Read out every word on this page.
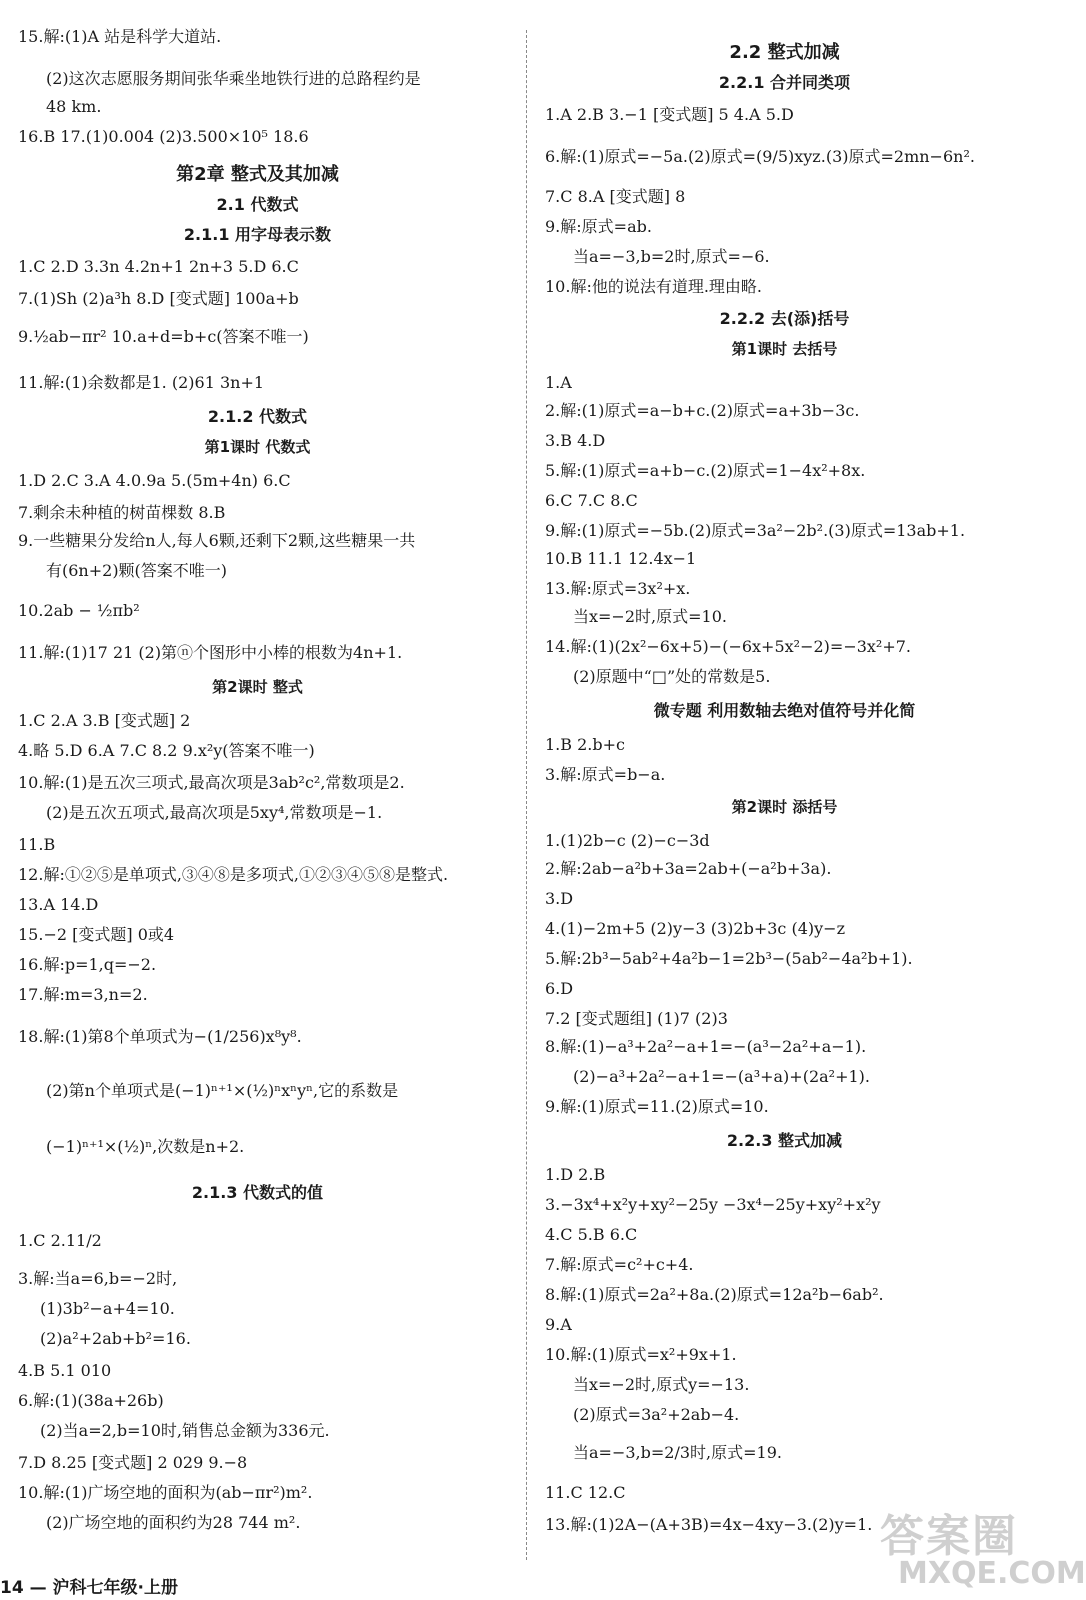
15.解:(1)A 站是科学大道站.
(2)这次志愿服务期间张华乘坐地铁行进的总路程约是
48 km.
16.B 17.(1)0.004 (2)3.500×10⁵ 18.6
第2章 整式及其加减
2.1 代数式
2.1.1 用字母表示数
1.C 2.D 3.3n 4.2n+1 2n+3 5.D 6.C
7.(1)Sh (2)a³h 8.D [变式题] 100a+b
9.½ab−πr² 10.a+d=b+c(答案不唯一)
11.解:(1)余数都是1. (2)61 3n+1
2.1.2 代数式
第1课时 代数式
1.D 2.C 3.A 4.0.9a 5.(5m+4n) 6.C
7.剩余未种植的树苗棵数 8.B
9.一些糖果分发给n人,每人6颗,还剩下2颗,这些糖果一共
有(6n+2)颗(答案不唯一)
10.2ab − ½πb²
11.解:(1)17 21 (2)第ⓝ个图形中小棒的根数为4n+1.
第2课时 整式
1.C 2.A 3.B [变式题] 2
4.略 5.D 6.A 7.C 8.2 9.x²y(答案不唯一)
10.解:(1)是五次三项式,最高次项是3ab²c²,常数项是2.
(2)是五次五项式,最高次项是5xy⁴,常数项是−1.
11.B
12.解:①②⑤是单项式,③④⑧是多项式,①②③④⑤⑧是整式.
13.A 14.D
15.−2 [变式题] 0或4
16.解:p=1,q=−2.
17.解:m=3,n=2.
18.解:(1)第8个单项式为−(1/256)x⁸y⁸.
(2)第n个单项式是(−1)ⁿ⁺¹×(½)ⁿxⁿyⁿ,它的系数是
(−1)ⁿ⁺¹×(½)ⁿ,次数是n+2.
2.1.3 代数式的值
1.C 2.11/2
3.解:当a=6,b=−2时,
(1)3b²−a+4=10.
(2)a²+2ab+b²=16.
4.B 5.1 010
6.解:(1)(38a+26b)
(2)当a=2,b=10时,销售总金额为336元.
7.D 8.25 [变式题] 2 029 9.−8
10.解:(1)广场空地的面积为(ab−πr²)m².
(2)广场空地的面积约为28 744 m².
2.2 整式加减
2.2.1 合并同类项
1.A 2.B 3.−1 [变式题] 5 4.A 5.D
6.解:(1)原式=−5a.(2)原式=(9/5)xyz.(3)原式=2mn−6n².
7.C 8.A [变式题] 8
9.解:原式=ab.
当a=−3,b=2时,原式=−6.
10.解:他的说法有道理.理由略.
2.2.2 去(添)括号
第1课时 去括号
1.A
2.解:(1)原式=a−b+c.(2)原式=a+3b−3c.
3.B 4.D
5.解:(1)原式=a+b−c.(2)原式=1−4x²+8x.
6.C 7.C 8.C
9.解:(1)原式=−5b.(2)原式=3a²−2b².(3)原式=13ab+1.
10.B 11.1 12.4x−1
13.解:原式=3x²+x.
当x=−2时,原式=10.
14.解:(1)(2x²−6x+5)−(−6x+5x²−2)=−3x²+7.
(2)原题中“□”处的常数是5.
微专题 利用数轴去绝对值符号并化简
1.B 2.b+c
3.解:原式=b−a.
第2课时 添括号
1.(1)2b−c (2)−c−3d
2.解:2ab−a²b+3a=2ab+(−a²b+3a).
3.D
4.(1)−2m+5 (2)y−3 (3)2b+3c (4)y−z
5.解:2b³−5ab²+4a²b−1=2b³−(5ab²−4a²b+1).
6.D
7.2 [变式题组] (1)7 (2)3
8.解:(1)−a³+2a²−a+1=−(a³−2a²+a−1).
(2)−a³+2a²−a+1=−(a³+a)+(2a²+1).
9.解:(1)原式=11.(2)原式=10.
2.2.3 整式加减
1.D 2.B
3.−3x⁴+x²y+xy²−25y −3x⁴−25y+xy²+x²y
4.C 5.B 6.C
7.解:原式=c²+c+4.
8.解:(1)原式=2a²+8a.(2)原式=12a²b−6ab².
9.A
10.解:(1)原式=x²+9x+1.
当x=−2时,原式y=−13.
(2)原式=3a²+2ab−4.
当a=−3,b=2/3时,原式=19.
11.C 12.C
13.解:(1)2A−(A+3B)=4x−4xy−3.(2)y=1.
14 — 沪科七年级·上册
答案圈
MXQE.COM
